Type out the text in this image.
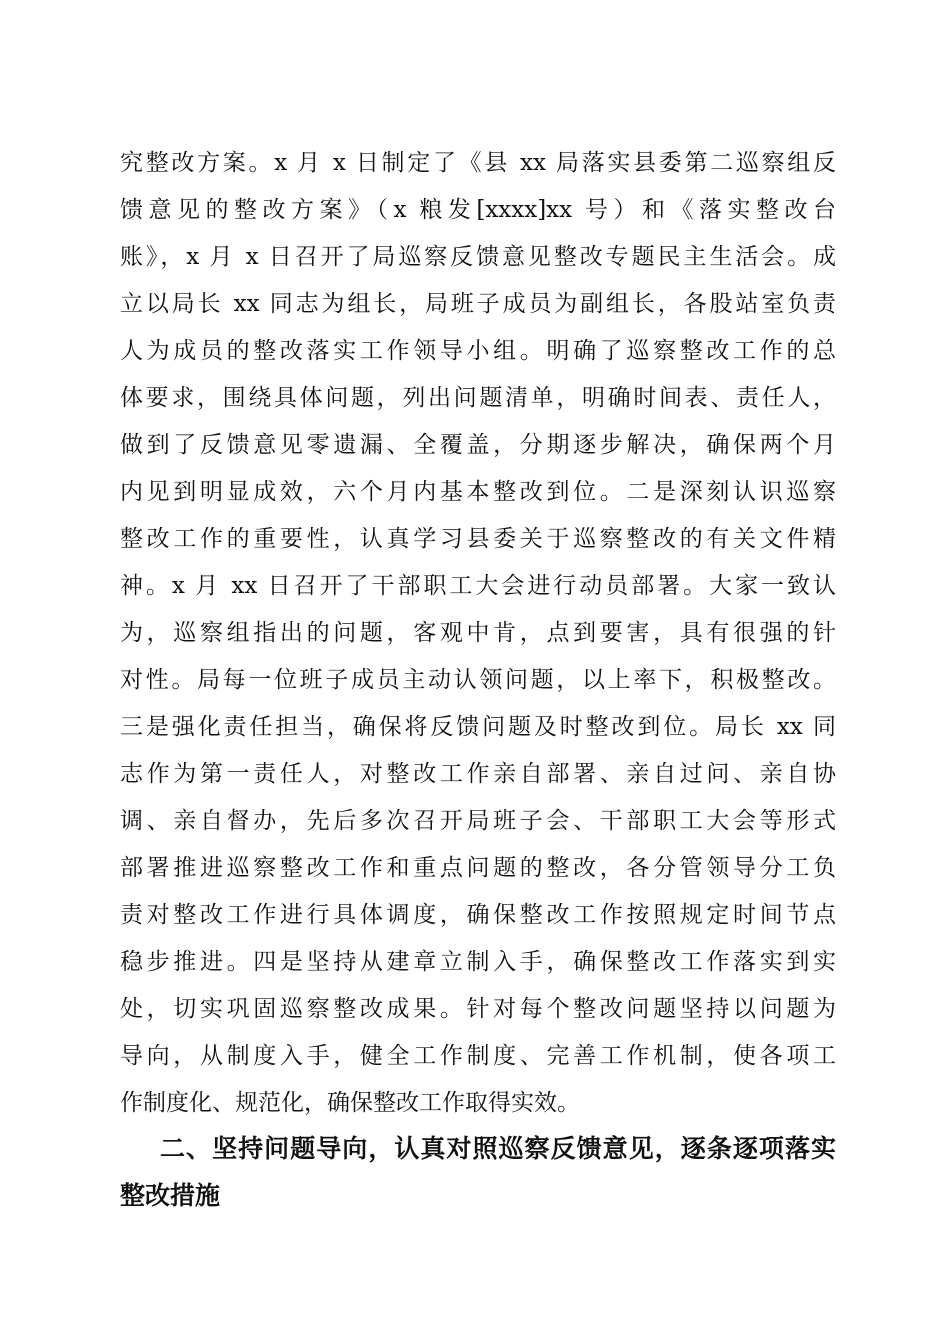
究整改方案。x 月 x 日制定了《县 xx 局落实县委第二巡察组反
馈意见的整改方案》（x 粮发[xxxx]xx 号）和《落实整改台
账》，x 月 x 日召开了局巡察反馈意见整改专题民主生活会。成
立以局长 xx 同志为组长，局班子成员为副组长，各股站室负责
人为成员的整改落实工作领导小组。明确了巡察整改工作的总
体要求，围绕具体问题，列出问题清单，明确时间表、责任人，
做到了反馈意见零遗漏、全覆盖，分期逐步解决，确保两个月
内见到明显成效，六个月内基本整改到位。二是深刻认识巡察
整改工作的重要性，认真学习县委关于巡察整改的有关文件精
神。x 月 xx 日召开了干部职工大会进行动员部署。大家一致认
为，巡察组指出的问题，客观中肯，点到要害，具有很强的针
对性。局每一位班子成员主动认领问题，以上率下，积极整改。
三是强化责任担当，确保将反馈问题及时整改到位。局长 xx 同
志作为第一责任人，对整改工作亲自部署、亲自过问、亲自协
调、亲自督办，先后多次召开局班子会、干部职工大会等形式
部署推进巡察整改工作和重点问题的整改，各分管领导分工负
责对整改工作进行具体调度，确保整改工作按照规定时间节点
稳步推进。四是坚持从建章立制入手，确保整改工作落实到实
处，切实巩固巡察整改成果。针对每个整改问题坚持以问题为
导向，从制度入手，健全工作制度、完善工作机制，使各项工
作制度化、规范化，确保整改工作取得实效。
二、坚持问题导向，认真对照巡察反馈意见，逐条逐项落实
整改措施
